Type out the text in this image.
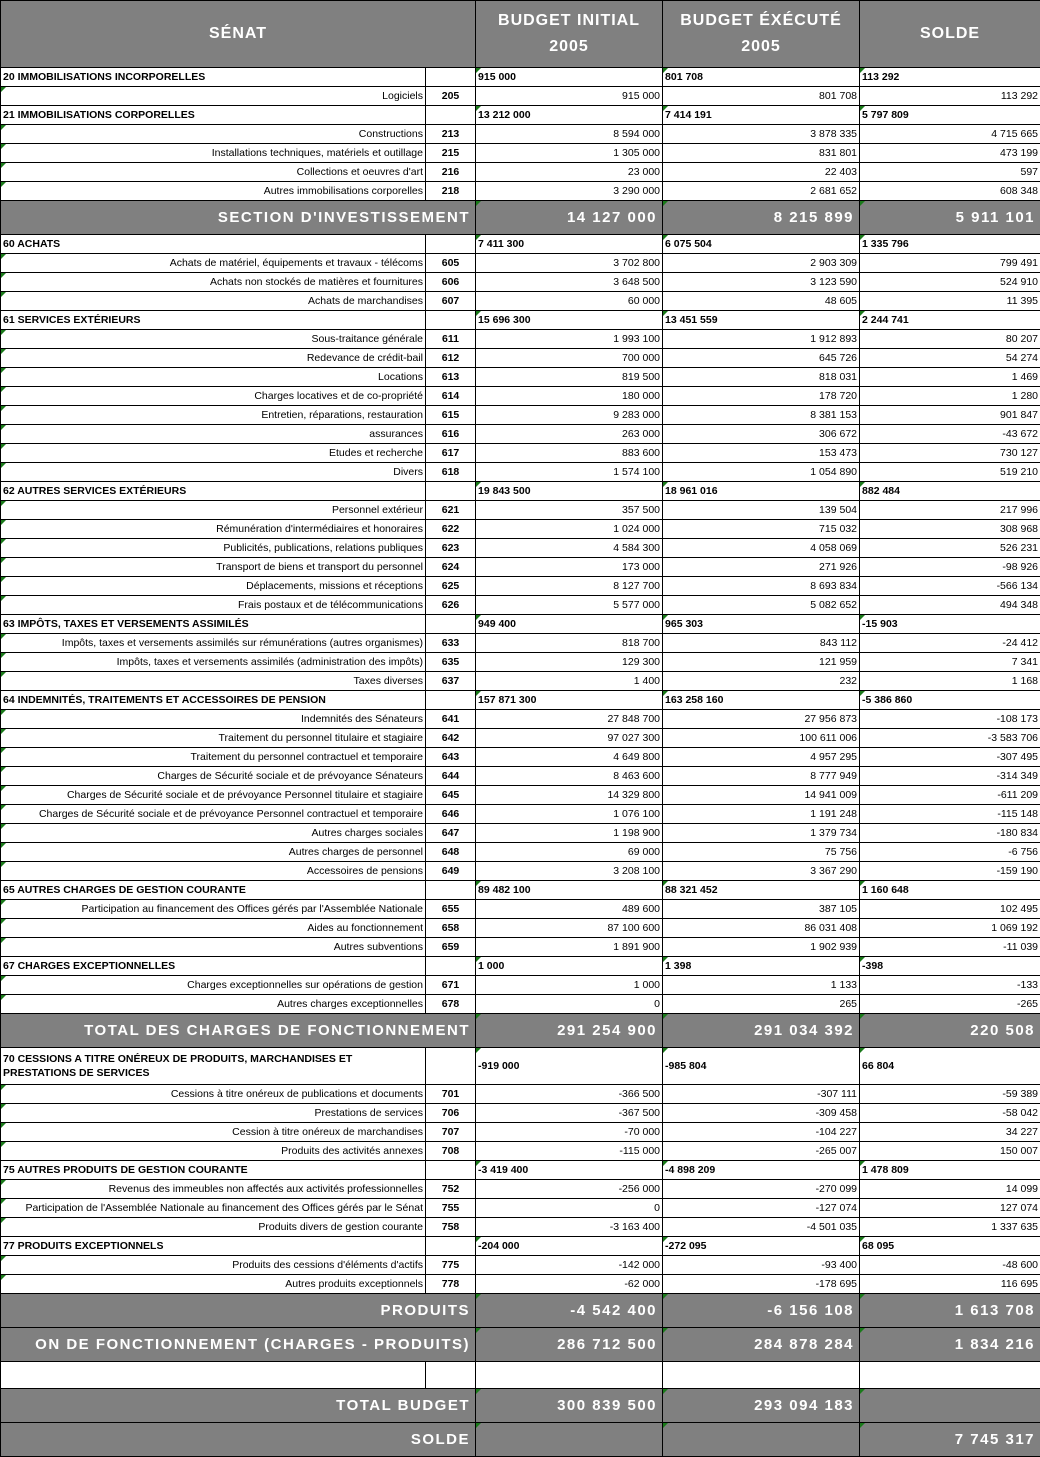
SÉNAT		BUDGET INITIAL 2005	BUDGET ÉXÉCUTÉ 2005	SOLDE
20 IMMOBILISATIONS INCORPORELLES		915 000	801 708	113 292
Logiciels	205	915 000	801 708	113 292
21 IMMOBILISATIONS CORPORELLES		13 212 000	7 414 191	5 797 809
Constructions	213	8 594 000	3 878 335	4 715 665
Installations techniques, matériels et outillage	215	1 305 000	831 801	473 199
Collections et oeuvres d'art	216	23 000	22 403	597
Autres immobilisations corporelles	218	3 290 000	2 681 652	608 348
SECTION D'INVESTISSEMENT		14 127 000	8 215 899	5 911 101
60 ACHATS		7 411 300	6 075 504	1 335 796
Achats de matériel, équipements et travaux - télécoms	605	3 702 800	2 903 309	799 491
Achats non stockés de matières et fournitures	606	3 648 500	3 123 590	524 910
Achats de marchandises	607	60 000	48 605	11 395
61 SERVICES EXTÉRIEURS		15 696 300	13 451 559	2 244 741
Sous-traitance générale	611	1 993 100	1 912 893	80 207
Redevance de crédit-bail	612	700 000	645 726	54 274
Locations	613	819 500	818 031	1 469
Charges locatives et de co-propriété	614	180 000	178 720	1 280
Entretien, réparations, restauration	615	9 283 000	8 381 153	901 847
assurances	616	263 000	306 672	-43 672
Etudes et recherche	617	883 600	153 473	730 127
Divers	618	1 574 100	1 054 890	519 210
62 AUTRES SERVICES EXTÉRIEURS		19 843 500	18 961 016	882 484
Personnel extérieur	621	357 500	139 504	217 996
Rémunération d'intermédiaires et honoraires	622	1 024 000	715 032	308 968
Publicités, publications, relations publiques	623	4 584 300	4 058 069	526 231
Transport de biens et transport du personnel	624	173 000	271 926	-98 926
Déplacements, missions et réceptions	625	8 127 700	8 693 834	-566 134
Frais postaux et de télécommunications	626	5 577 000	5 082 652	494 348
63 IMPÔTS, TAXES ET VERSEMENTS ASSIMILÉS		949 400	965 303	-15 903
Impôts, taxes et versements assimilés sur rémunérations (autres organismes)	633	818 700	843 112	-24 412
Impôts, taxes et versements assimilés (administration des impôts)	635	129 300	121 959	7 341
Taxes diverses	637	1 400	232	1 168
64 INDEMNITÉS, TRAITEMENTS ET ACCESSOIRES DE PENSION		157 871 300	163 258 160	-5 386 860
Indemnités des Sénateurs	641	27 848 700	27 956 873	-108 173
Traitement du personnel titulaire et stagiaire	642	97 027 300	100 611 006	-3 583 706
Traitement du personnel contractuel et temporaire	643	4 649 800	4 957 295	-307 495
Charges de Sécurité sociale et de prévoyance Sénateurs	644	8 463 600	8 777 949	-314 349
Charges de Sécurité sociale et de prévoyance Personnel titulaire et stagiaire	645	14 329 800	14 941 009	-611 209
Charges de Sécurité sociale et de prévoyance Personnel contractuel et temporaire	646	1 076 100	1 191 248	-115 148
Autres charges sociales	647	1 198 900	1 379 734	-180 834
Autres charges de personnel	648	69 000	75 756	-6 756
Accessoires de pensions	649	3 208 100	3 367 290	-159 190
65 AUTRES CHARGES DE GESTION COURANTE		89 482 100	88 321 452	1 160 648
Participation au financement des Offices gérés par l'Assemblée Nationale	655	489 600	387 105	102 495
Aides au fonctionnement	658	87 100 600	86 031 408	1 069 192
Autres subventions	659	1 891 900	1 902 939	-11 039
67 CHARGES EXCEPTIONNELLES		1 000	1 398	-398
Charges exceptionnelles sur opérations de gestion	671	1 000	1 133	-133
Autres charges exceptionnelles	678	0	265	-265
TOTAL DES CHARGES DE FONCTIONNEMENT		291 254 900	291 034 392	220 508
70 CESSIONS A TITRE ONÉREUX DE PRODUITS, MARCHANDISES ET PRESTATIONS DE SERVICES		-919 000	-985 804	66 804
Cessions à titre onéreux de publications et documents	701	-366 500	-307 111	-59 389
Prestations de services	706	-367 500	-309 458	-58 042
Cession à titre onéreux de marchandises	707	-70 000	-104 227	34 227
Produits des activités annexes	708	-115 000	-265 007	150 007
75 AUTRES PRODUITS DE GESTION COURANTE		-3 419 400	-4 898 209	1 478 809
Revenus des immeubles non affectés aux activités professionnelles	752	-256 000	-270 099	14 099
Participation de l'Assemblée Nationale au financement des Offices gérés par le Sénat	755	0	-127 074	127 074
Produits divers de gestion courante	758	-3 163 400	-4 501 035	1 337 635
77 PRODUITS EXCEPTIONNELS		-204 000	-272 095	68 095
Produits des cessions d'éléments d'actifs	775	-142 000	-93 400	-48 600
Autres produits exceptionnels	778	-62 000	-178 695	116 695
PRODUITS		-4 542 400	-6 156 108	1 613 708
ON DE FONCTIONNEMENT (CHARGES - PRODUITS)		286 712 500	284 878 284	1 834 216

TOTAL BUDGET		300 839 500	293 094 183	
SOLDE				7 745 317
